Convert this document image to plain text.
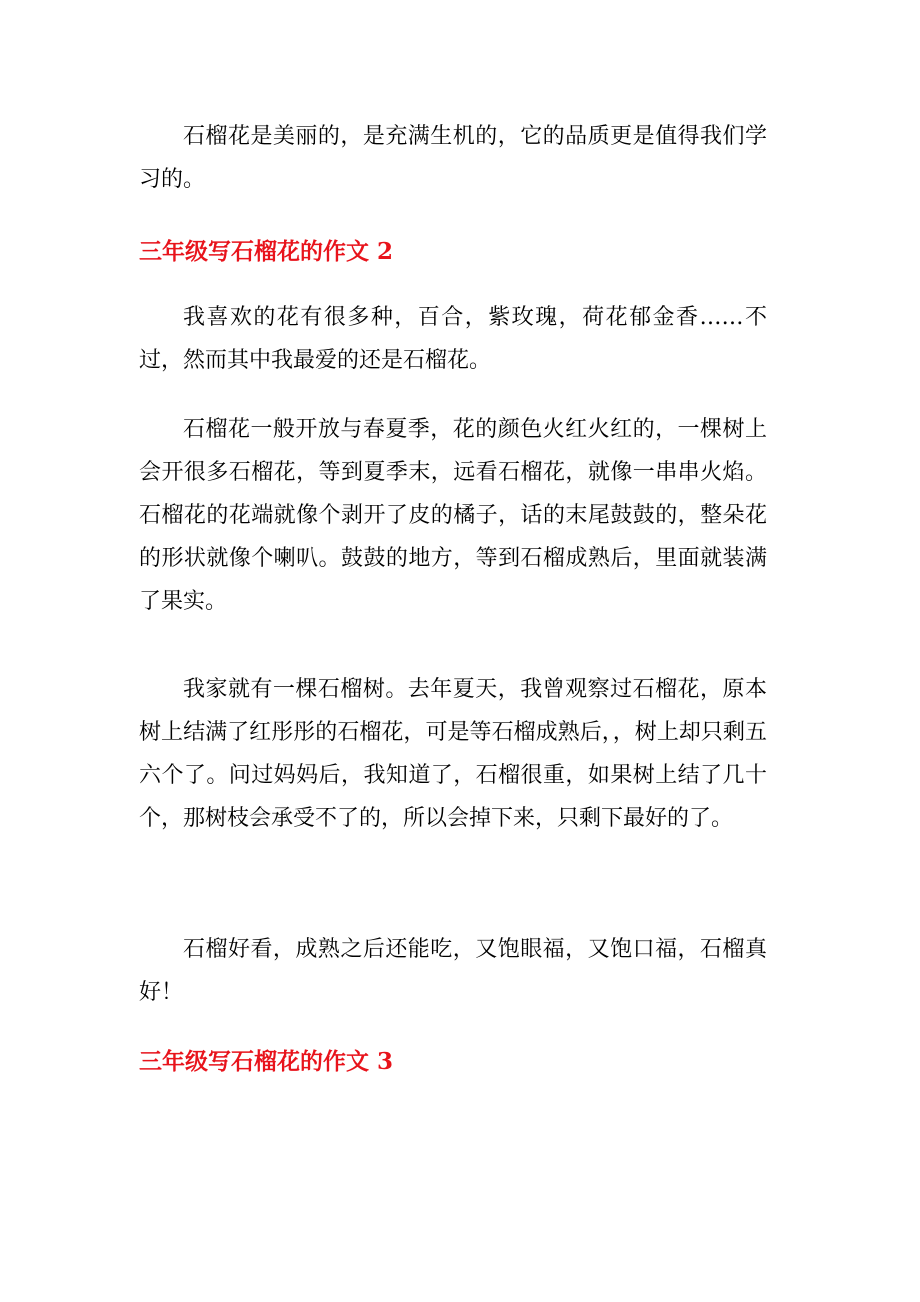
石榴花是美丽的，是充满生机的，它的品质更是值得我们学习的。

三年级写石榴花的作文 2

我喜欢的花有很多种，百合，紫玫瑰，荷花郁金香……不过，然而其中我最爱的还是石榴花。

石榴花一般开放与春夏季，花的颜色火红火红的，一棵树上会开很多石榴花，等到夏季末，远看石榴花，就像一串串火焰。石榴花的花端就像个剥开了皮的橘子，话的末尾鼓鼓的，整朵花的形状就像个喇叭。鼓鼓的地方，等到石榴成熟后，里面就装满了果实。

我家就有一棵石榴树。去年夏天，我曾观察过石榴花，原本树上结满了红彤彤的石榴花，可是等石榴成熟后，，树上却只剩五六个了。问过妈妈后，我知道了，石榴很重，如果树上结了几十个，那树枝会承受不了的，所以会掉下来，只剩下最好的了。

石榴好看，成熟之后还能吃，又饱眼福，又饱口福，石榴真好！

三年级写石榴花的作文 3
